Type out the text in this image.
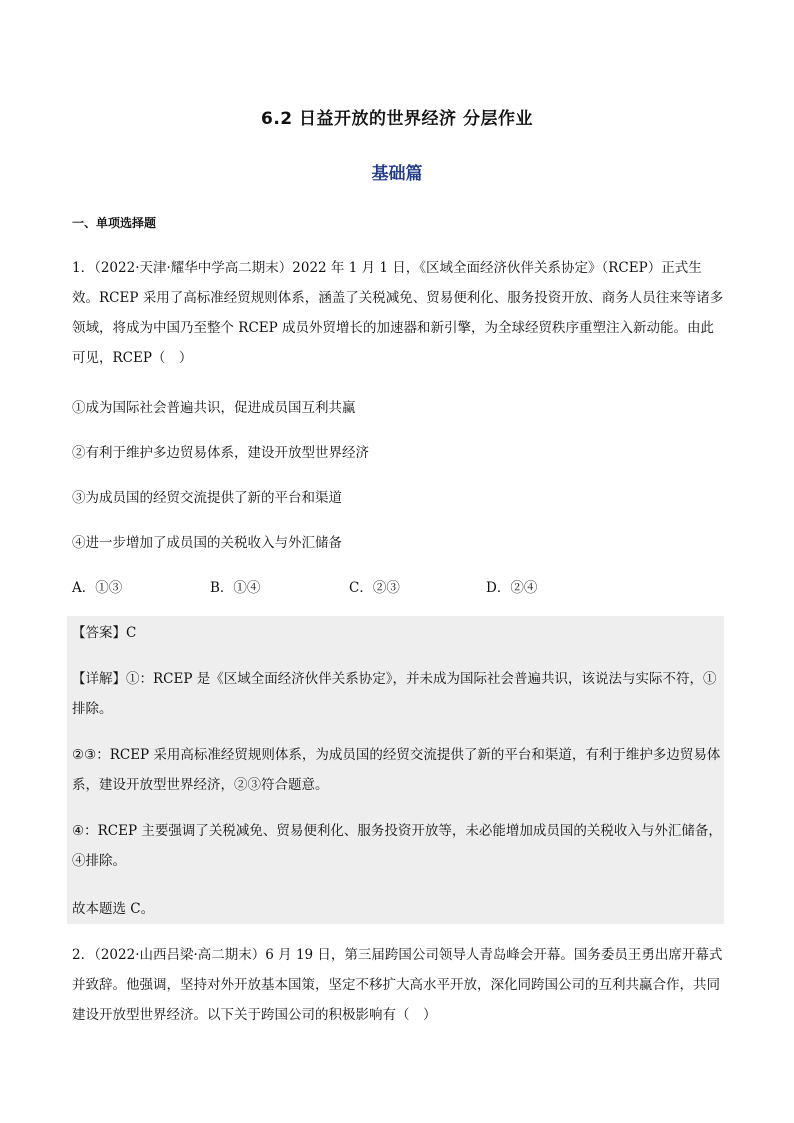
6.2 日益开放的世界经济 分层作业
基础篇
一、单项选择题
1．（2022·天津·耀华中学高二期末）2022 年 1 月 1 日，《区域全面经济伙伴关系协定》（RCEP）正式生效。RCEP 采用了高标准经贸规则体系，涵盖了关税减免、贸易便利化、服务投资开放、商务人员往来等诸多领域，将成为中国乃至整个 RCEP 成员外贸增长的加速器和新引擎，为全球经贸秩序重塑注入新动能。由此可见，RCEP（　）
①成为国际社会普遍共识，促进成员国互利共赢
②有利于维护多边贸易体系，建设开放型世界经济
③为成员国的经贸交流提供了新的平台和渠道
④进一步增加了成员国的关税收入与外汇储备
A．①③	B．①④	C．②③	D．②④
【答案】C
【详解】①：RCEP 是《区域全面经济伙伴关系协定》，并未成为国际社会普遍共识，该说法与实际不符，①排除。
②③：RCEP 采用高标准经贸规则体系，为成员国的经贸交流提供了新的平台和渠道，有利于维护多边贸易体系，建设开放型世界经济，②③符合题意。
④：RCEP 主要强调了关税减免、贸易便利化、服务投资开放等，未必能增加成员国的关税收入与外汇储备，④排除。
故本题选 C。
2．（2022·山西吕梁·高二期末）6 月 19 日，第三届跨国公司领导人青岛峰会开幕。国务委员王勇出席开幕式并致辞。他强调，坚持对外开放基本国策，坚定不移扩大高水平开放，深化同跨国公司的互利共赢合作，共同建设开放型世界经济。以下关于跨国公司的积极影响有（　）
